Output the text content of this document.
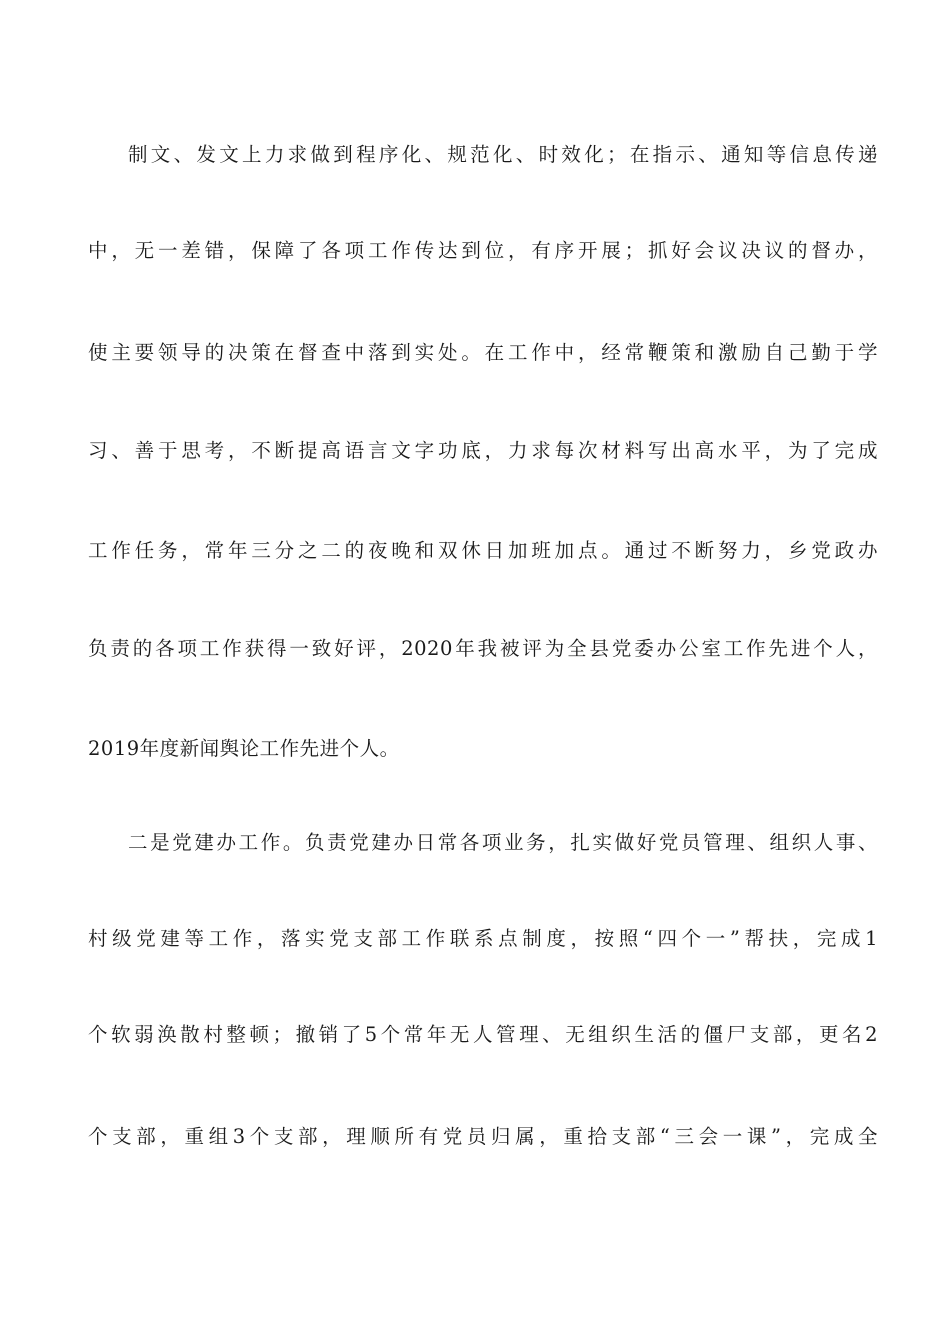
制文、发文上力求做到程序化、规范化、时效化；在指示、通知等信息传递
中，无一差错，保障了各项工作传达到位，有序开展；抓好会议决议的督办，
使主要领导的决策在督查中落到实处。在工作中，经常鞭策和激励自己勤于学
习、善于思考，不断提高语言文字功底，力求每次材料写出高水平，为了完成
工作任务，常年三分之二的夜晚和双休日加班加点。通过不断努力，乡党政办
负责的各项工作获得一致好评，2020年我被评为全县党委办公室工作先进个人，
2019年度新闻舆论工作先进个人。
二是党建办工作。负责党建办日常各项业务，扎实做好党员管理、组织人事、
村级党建等工作，落实党支部工作联系点制度，按照“四个一”帮扶，完成1
个软弱涣散村整顿；撤销了5个常年无人管理、无组织生活的僵尸支部，更名2
个支部，重组3个支部，理顺所有党员归属，重拾支部“三会一课”，完成全
